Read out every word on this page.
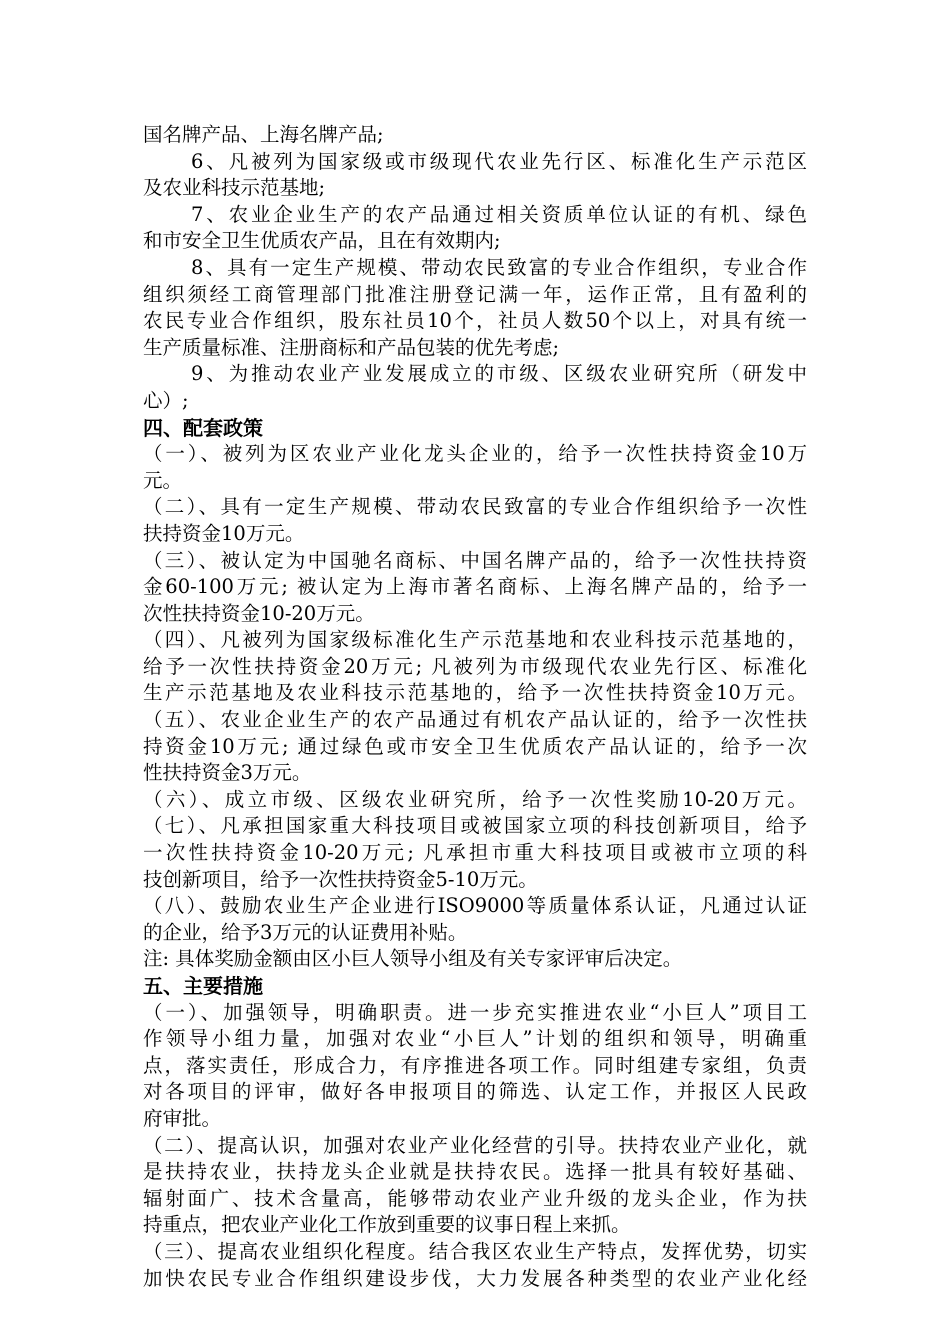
国名牌产品、上海名牌产品;
6、凡被列为国家级或市级现代农业先行区、标准化生产示范区
及农业科技示范基地;
7、农业企业生产的农产品通过相关资质单位认证的有机、绿色
和市安全卫生优质农产品，且在有效期内;
8、具有一定生产规模、带动农民致富的专业合作组织，专业合作
组织须经工商管理部门批准注册登记满一年，运作正常，且有盈利的
农民专业合作组织，股东社员10个，社员人数50个以上，对具有统一
生产质量标准、注册商标和产品包装的优先考虑;
9、为推动农业产业发展成立的市级、区级农业研究所（研发中
心）;
四、配套政策
（一）、被列为区农业产业化龙头企业的，给予一次性扶持资金10万
元。
（二）、具有一定生产规模、带动农民致富的专业合作组织给予一次性
扶持资金10万元。
（三）、被认定为中国驰名商标、中国名牌产品的，给予一次性扶持资
金60-100万元; 被认定为上海市著名商标、上海名牌产品的，给予一
次性扶持资金10-20万元。
（四）、凡被列为国家级标准化生产示范基地和农业科技示范基地的，
给予一次性扶持资金20万元; 凡被列为市级现代农业先行区、标准化
生产示范基地及农业科技示范基地的，给予一次性扶持资金10万元。
（五）、农业企业生产的农产品通过有机农产品认证的，给予一次性扶
持资金10万元; 通过绿色或市安全卫生优质农产品认证的，给予一次
性扶持资金3万元。
（六）、成立市级、区级农业研究所，给予一次性奖励10-20万元。
（七）、凡承担国家重大科技项目或被国家立项的科技创新项目，给予
一次性扶持资金10-20万元; 凡承担市重大科技项目或被市立项的科
技创新项目，给予一次性扶持资金5-10万元。
（八）、鼓励农业生产企业进行ISO9000等质量体系认证，凡通过认证
的企业，给予3万元的认证费用补贴。
注: 具体奖励金额由区小巨人领导小组及有关专家评审后决定。
五、主要措施
（一）、加强领导，明确职责。进一步充实推进农业“小巨人”项目工
作领导小组力量，加强对农业“小巨人”计划的组织和领导，明确重
点，落实责任，形成合力，有序推进各项工作。同时组建专家组，负责
对各项目的评审，做好各申报项目的筛选、认定工作，并报区人民政
府审批。
（二）、提高认识，加强对农业产业化经营的引导。扶持农业产业化，就
是扶持农业，扶持龙头企业就是扶持农民。选择一批具有较好基础、
辐射面广、技术含量高，能够带动农业产业升级的龙头企业，作为扶
持重点，把农业产业化工作放到重要的议事日程上来抓。
（三）、提高农业组织化程度。结合我区农业生产特点，发挥优势，切实
加快农民专业合作组织建设步伐，大力发展各种类型的农业产业化经
